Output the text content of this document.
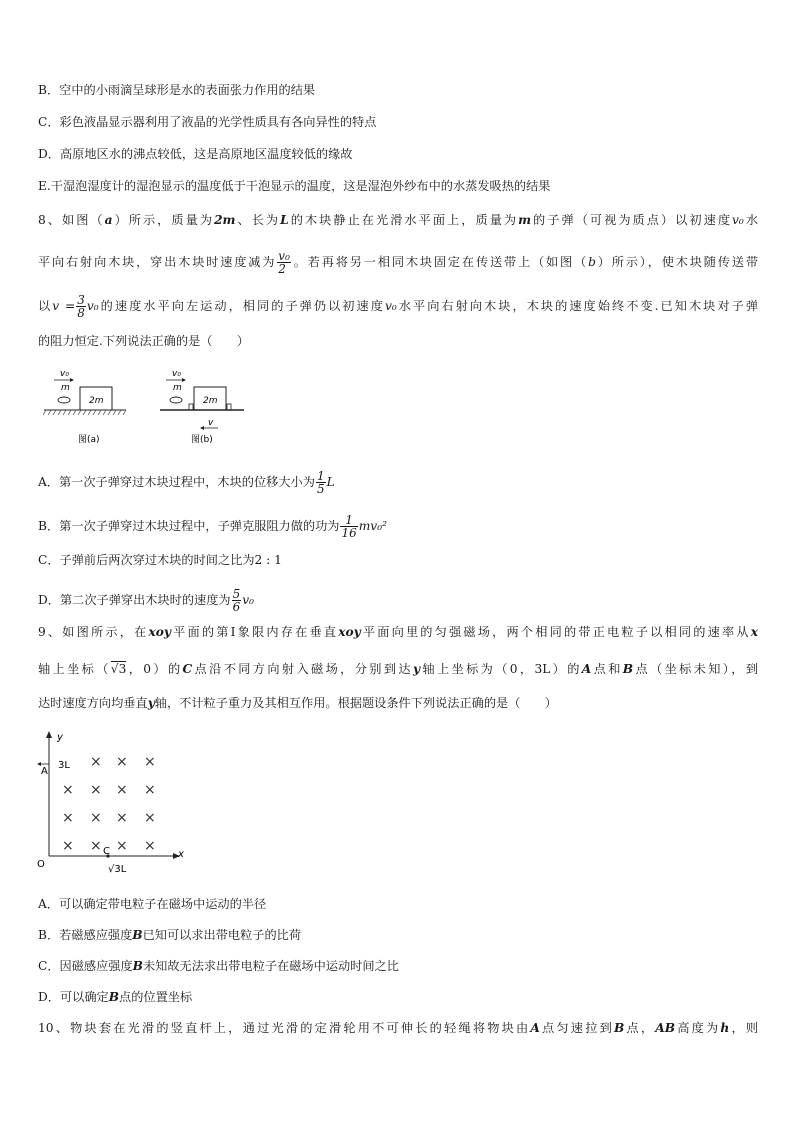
B．空中的小雨滴呈球形是水的表面张力作用的结果
C．彩色液晶显示器利用了液晶的光学性质具有各向异性的特点
D．高原地区水的沸点较低，这是高原地区温度较低的缘故
E.干湿泡湿度计的湿泡显示的温度低于干泡显示的温度，这是湿泡外纱布中的水蒸发吸热的结果
8、如图（a）所示，质量为2m、长为L的木块静止在光滑水平面上，质量为m的子弹（可视为质点）以初速度v₀水
平向右射向木块，穿出木块时速度减为 $\frac{\text{v₀}}{2}$ 。若再将另一相同木块固定在传送带上（如图（b）所示），使木块随传送带
以$v = \frac{3}{8} v_0$的速度水平向左运动，相同的子弹仍以初速度v₀水平向右射向木块，木块的速度始终不变.已知木块对子弹
的阻力恒定.下列说法正确的是（　　）
v₀
m
2m
图(a)
v₀
m
2m
v
图(b)
A．第一次子弹穿过木块过程中，木块的位移大小为 $\frac{1}{5}$ L
B．第一次子弹穿过木块过程中，子弹克服阻力做的功为 $\frac{1}{16} mv_0^2$
C．子弹前后两次穿过木块的时间之比为2 : 1
D．第二次子弹穿出木块时的速度为 $\frac{5}{6} v_0$
9、如图所示，在xoy平面的第Ⅰ象限内存在垂直xoy平面向里的匀强磁场，两个相同的带正电粒子以相同的速率从x
轴上坐标（√3，0）的C点沿不同方向射入磁场，分别到达y轴上坐标为（0，3L）的A点和B点（坐标未知），到
达时速度方向均垂直y轴，不计粒子重力及其相互作用。根据题设条件下列说法正确的是（　　）
y
x
O
A
3L
C
√3L
× × ×
× × × ×
× × × ×
× × × ×
A．可以确定带电粒子在磁场中运动的半径
B．若磁感应强度B已知可以求出带电粒子的比荷
C．因磁感应强度B未知故无法求出带电粒子在磁场中运动时间之比
D．可以确定B点的位置坐标
10、物块套在光滑的竖直杆上，通过光滑的定滑轮用不可伸长的轻绳将物块由A点匀速拉到B点，AB高度为h，则
